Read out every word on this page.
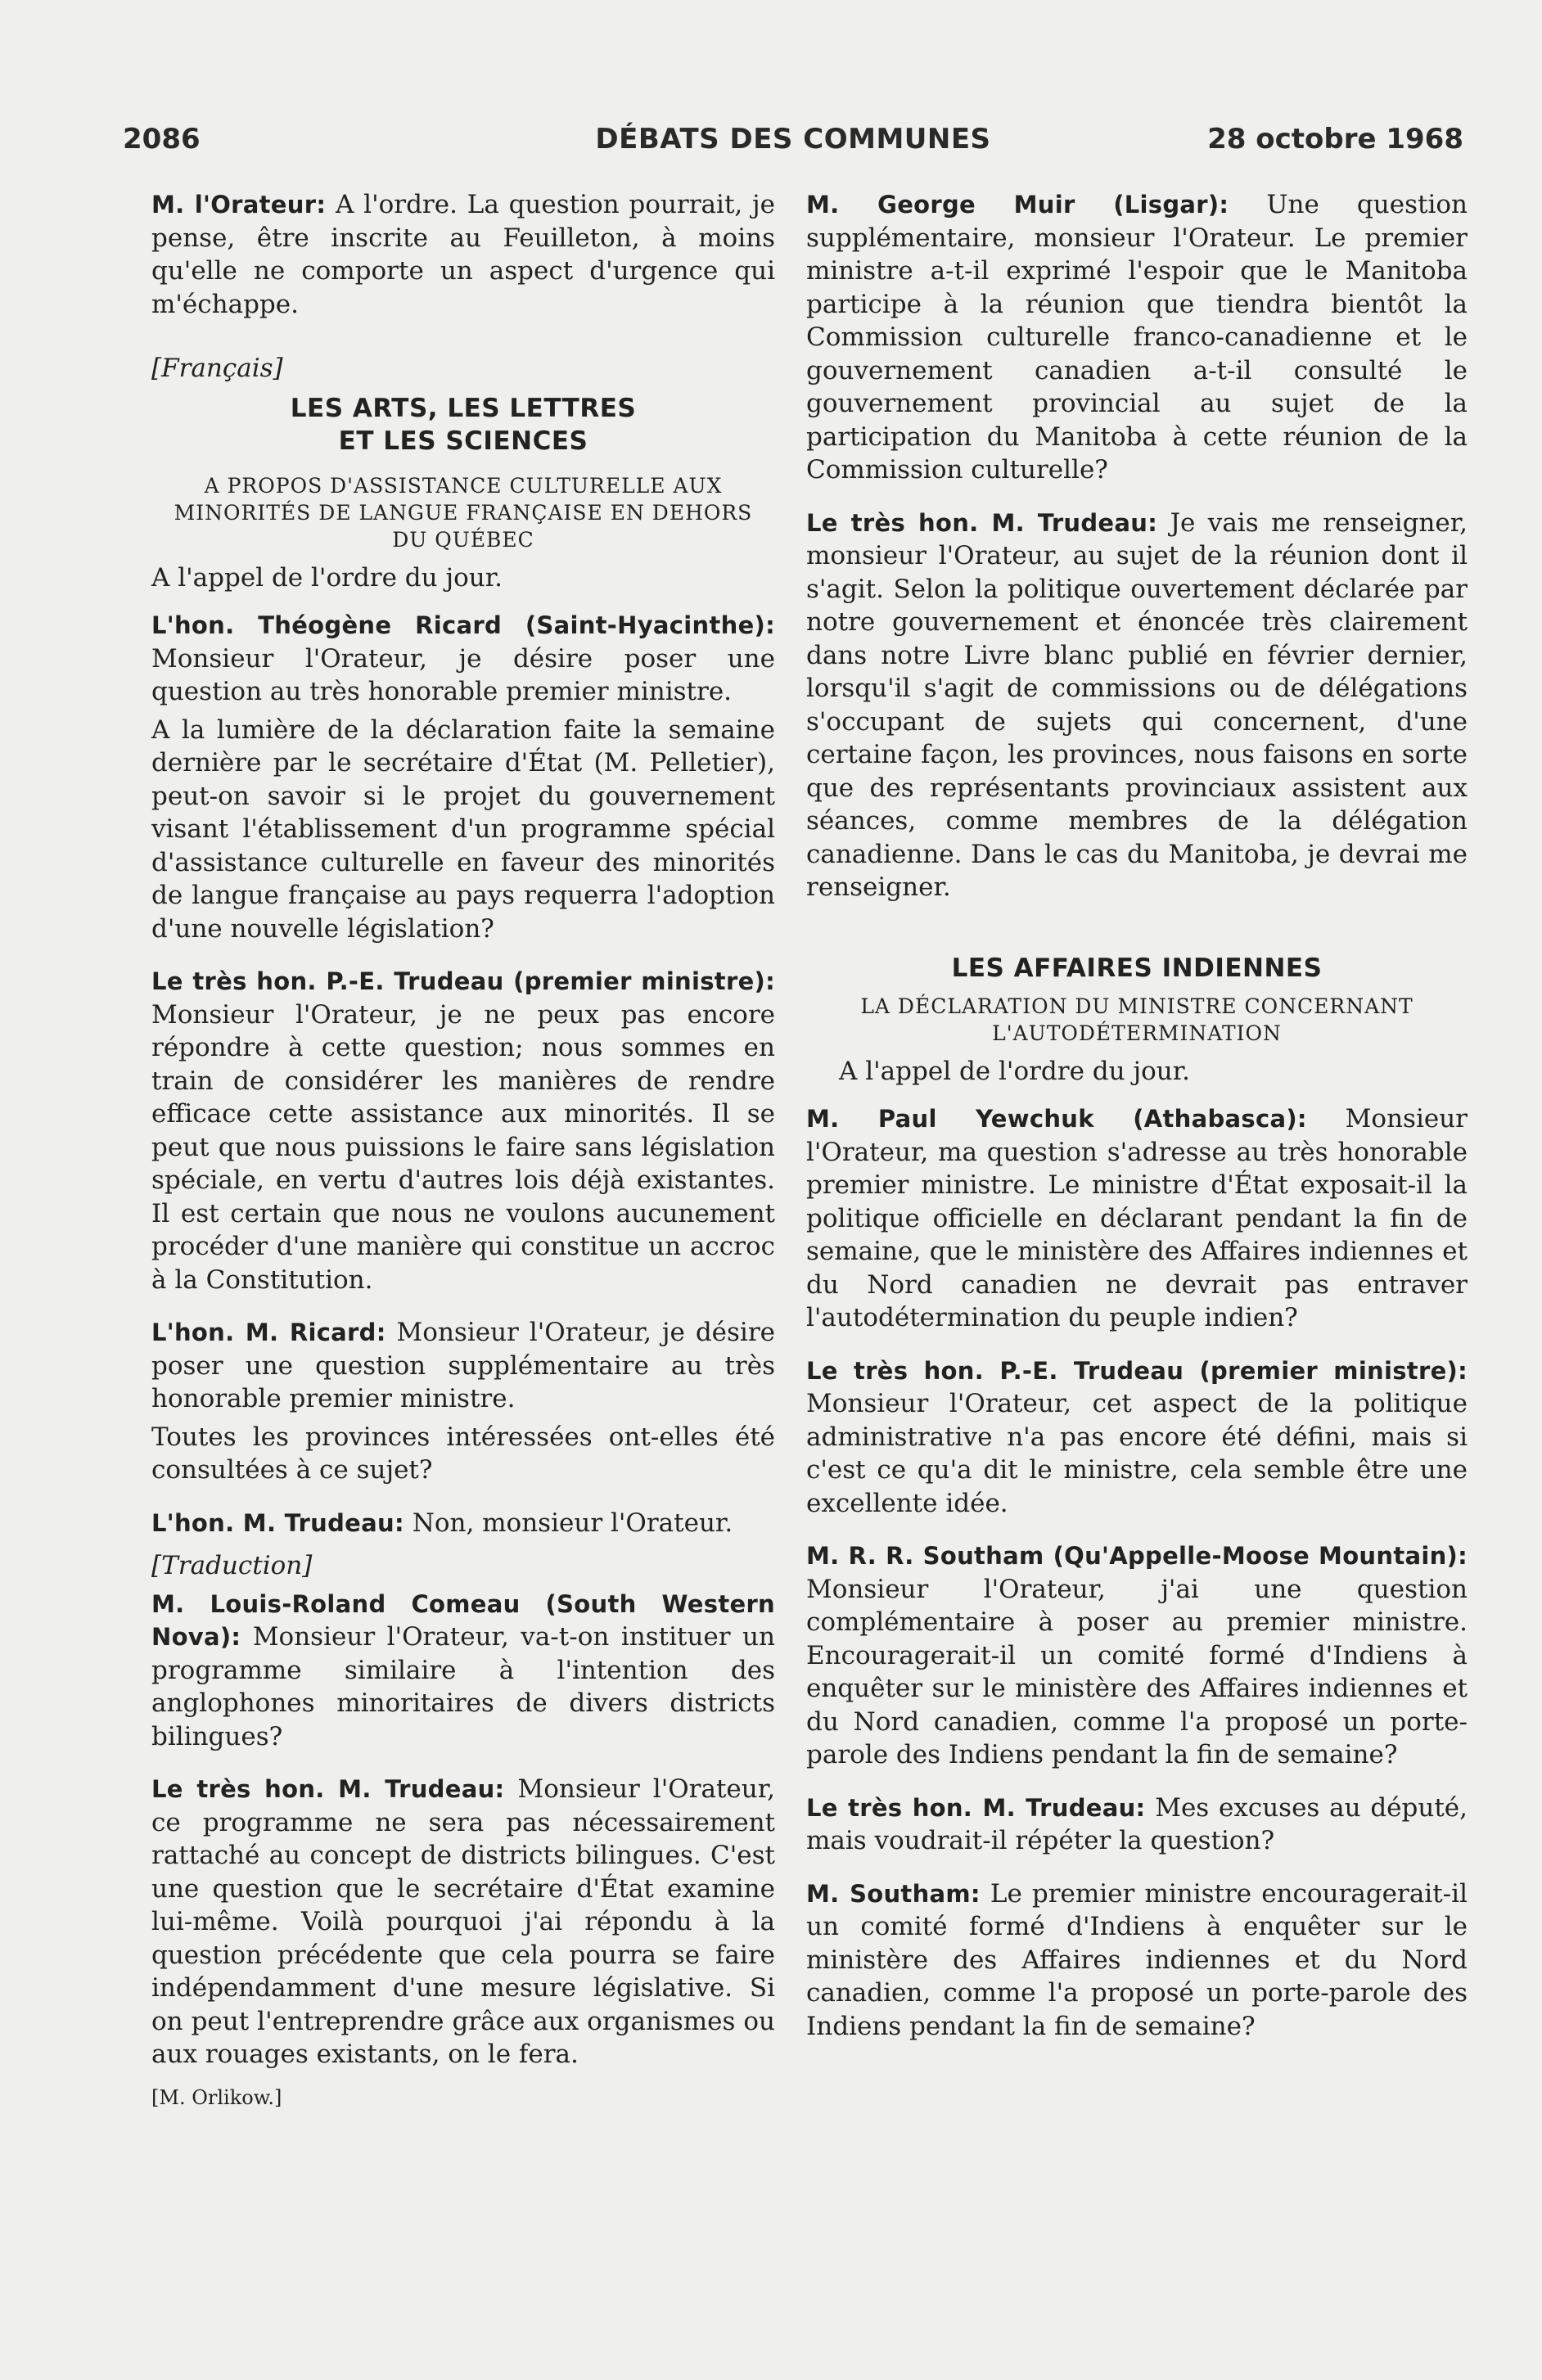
2086	DÉBATS DES COMMUNES	28 octobre 1968

M. l'Orateur: A l'ordre. La question pourrait, je pense, être inscrite au Feuilleton, à moins qu'elle ne comporte un aspect d'urgence qui m'échappe.

[Français]

LES ARTS, LES LETTRES ET LES SCIENCES
A PROPOS D'ASSISTANCE CULTURELLE AUX MINORITÉS DE LANGUE FRANÇAISE EN DEHORS DU QUÉBEC

A l'appel de l'ordre du jour.

L'hon. Théogène Ricard (Saint-Hyacinthe): Monsieur l'Orateur, je désire poser une question au très honorable premier ministre.

A la lumière de la déclaration faite la semaine dernière par le secrétaire d'État (M. Pelletier), peut-on savoir si le projet du gouvernement visant l'établissement d'un programme spécial d'assistance culturelle en faveur des minorités de langue française au pays requerra l'adoption d'une nouvelle législation?

Le très hon. P.-E. Trudeau (premier ministre): Monsieur l'Orateur, je ne peux pas encore répondre à cette question; nous sommes en train de considérer les manières de rendre efficace cette assistance aux minorités. Il se peut que nous puissions le faire sans législation spéciale, en vertu d'autres lois déjà existantes. Il est certain que nous ne voulons aucunement procéder d'une manière qui constitue un accroc à la Constitution.

L'hon. M. Ricard: Monsieur l'Orateur, je désire poser une question supplémentaire au très honorable premier ministre.

Toutes les provinces intéressées ont-elles été consultées à ce sujet?

L'hon. M. Trudeau: Non, monsieur l'Orateur.

[Traduction]

M. Louis-Roland Comeau (South Western Nova): Monsieur l'Orateur, va-t-on instituer un programme similaire à l'intention des anglophones minoritaires de divers districts bilingues?

Le très hon. M. Trudeau: Monsieur l'Orateur, ce programme ne sera pas nécessairement rattaché au concept de districts bilingues. C'est une question que le secrétaire d'État examine lui-même. Voilà pourquoi j'ai répondu à la question précédente que cela pourra se faire indépendamment d'une mesure législative. Si on peut l'entreprendre grâce aux organismes ou aux rouages existants, on le fera.

[M. Orlikow.]

M. George Muir (Lisgar): Une question supplémentaire, monsieur l'Orateur. Le premier ministre a-t-il exprimé l'espoir que le Manitoba participe à la réunion que tiendra bientôt la Commission culturelle franco-canadienne et le gouvernement canadien a-t-il consulté le gouvernement provincial au sujet de la participation du Manitoba à cette réunion de la Commission culturelle?

Le très hon. M. Trudeau: Je vais me renseigner, monsieur l'Orateur, au sujet de la réunion dont il s'agit. Selon la politique ouvertement déclarée par notre gouvernement et énoncée très clairement dans notre Livre blanc publié en février dernier, lorsqu'il s'agit de commissions ou de délégations s'occupant de sujets qui concernent, d'une certaine façon, les provinces, nous faisons en sorte que des représentants provinciaux assistent aux séances, comme membres de la délégation canadienne. Dans le cas du Manitoba, je devrai me renseigner.

LES AFFAIRES INDIENNES
LA DÉCLARATION DU MINISTRE CONCERNANT L'AUTODÉTERMINATION

A l'appel de l'ordre du jour.

M. Paul Yewchuk (Athabasca): Monsieur l'Orateur, ma question s'adresse au très honorable premier ministre. Le ministre d'État exposait-il la politique officielle en déclarant pendant la fin de semaine, que le ministère des Affaires indiennes et du Nord canadien ne devrait pas entraver l'autodétermination du peuple indien?

Le très hon. P.-E. Trudeau (premier ministre): Monsieur l'Orateur, cet aspect de la politique administrative n'a pas encore été défini, mais si c'est ce qu'a dit le ministre, cela semble être une excellente idée.

M. R. R. Southam (Qu'Appelle-Moose Mountain): Monsieur l'Orateur, j'ai une question complémentaire à poser au premier ministre. Encouragerait-il un comité formé d'Indiens à enquêter sur le ministère des Affaires indiennes et du Nord canadien, comme l'a proposé un porte-parole des Indiens pendant la fin de semaine?

Le très hon. M. Trudeau: Mes excuses au député, mais voudrait-il répéter la question?

M. Southam: Le premier ministre encouragerait-il un comité formé d'Indiens à enquêter sur le ministère des Affaires indiennes et du Nord canadien, comme l'a proposé un porte-parole des Indiens pendant la fin de semaine?
